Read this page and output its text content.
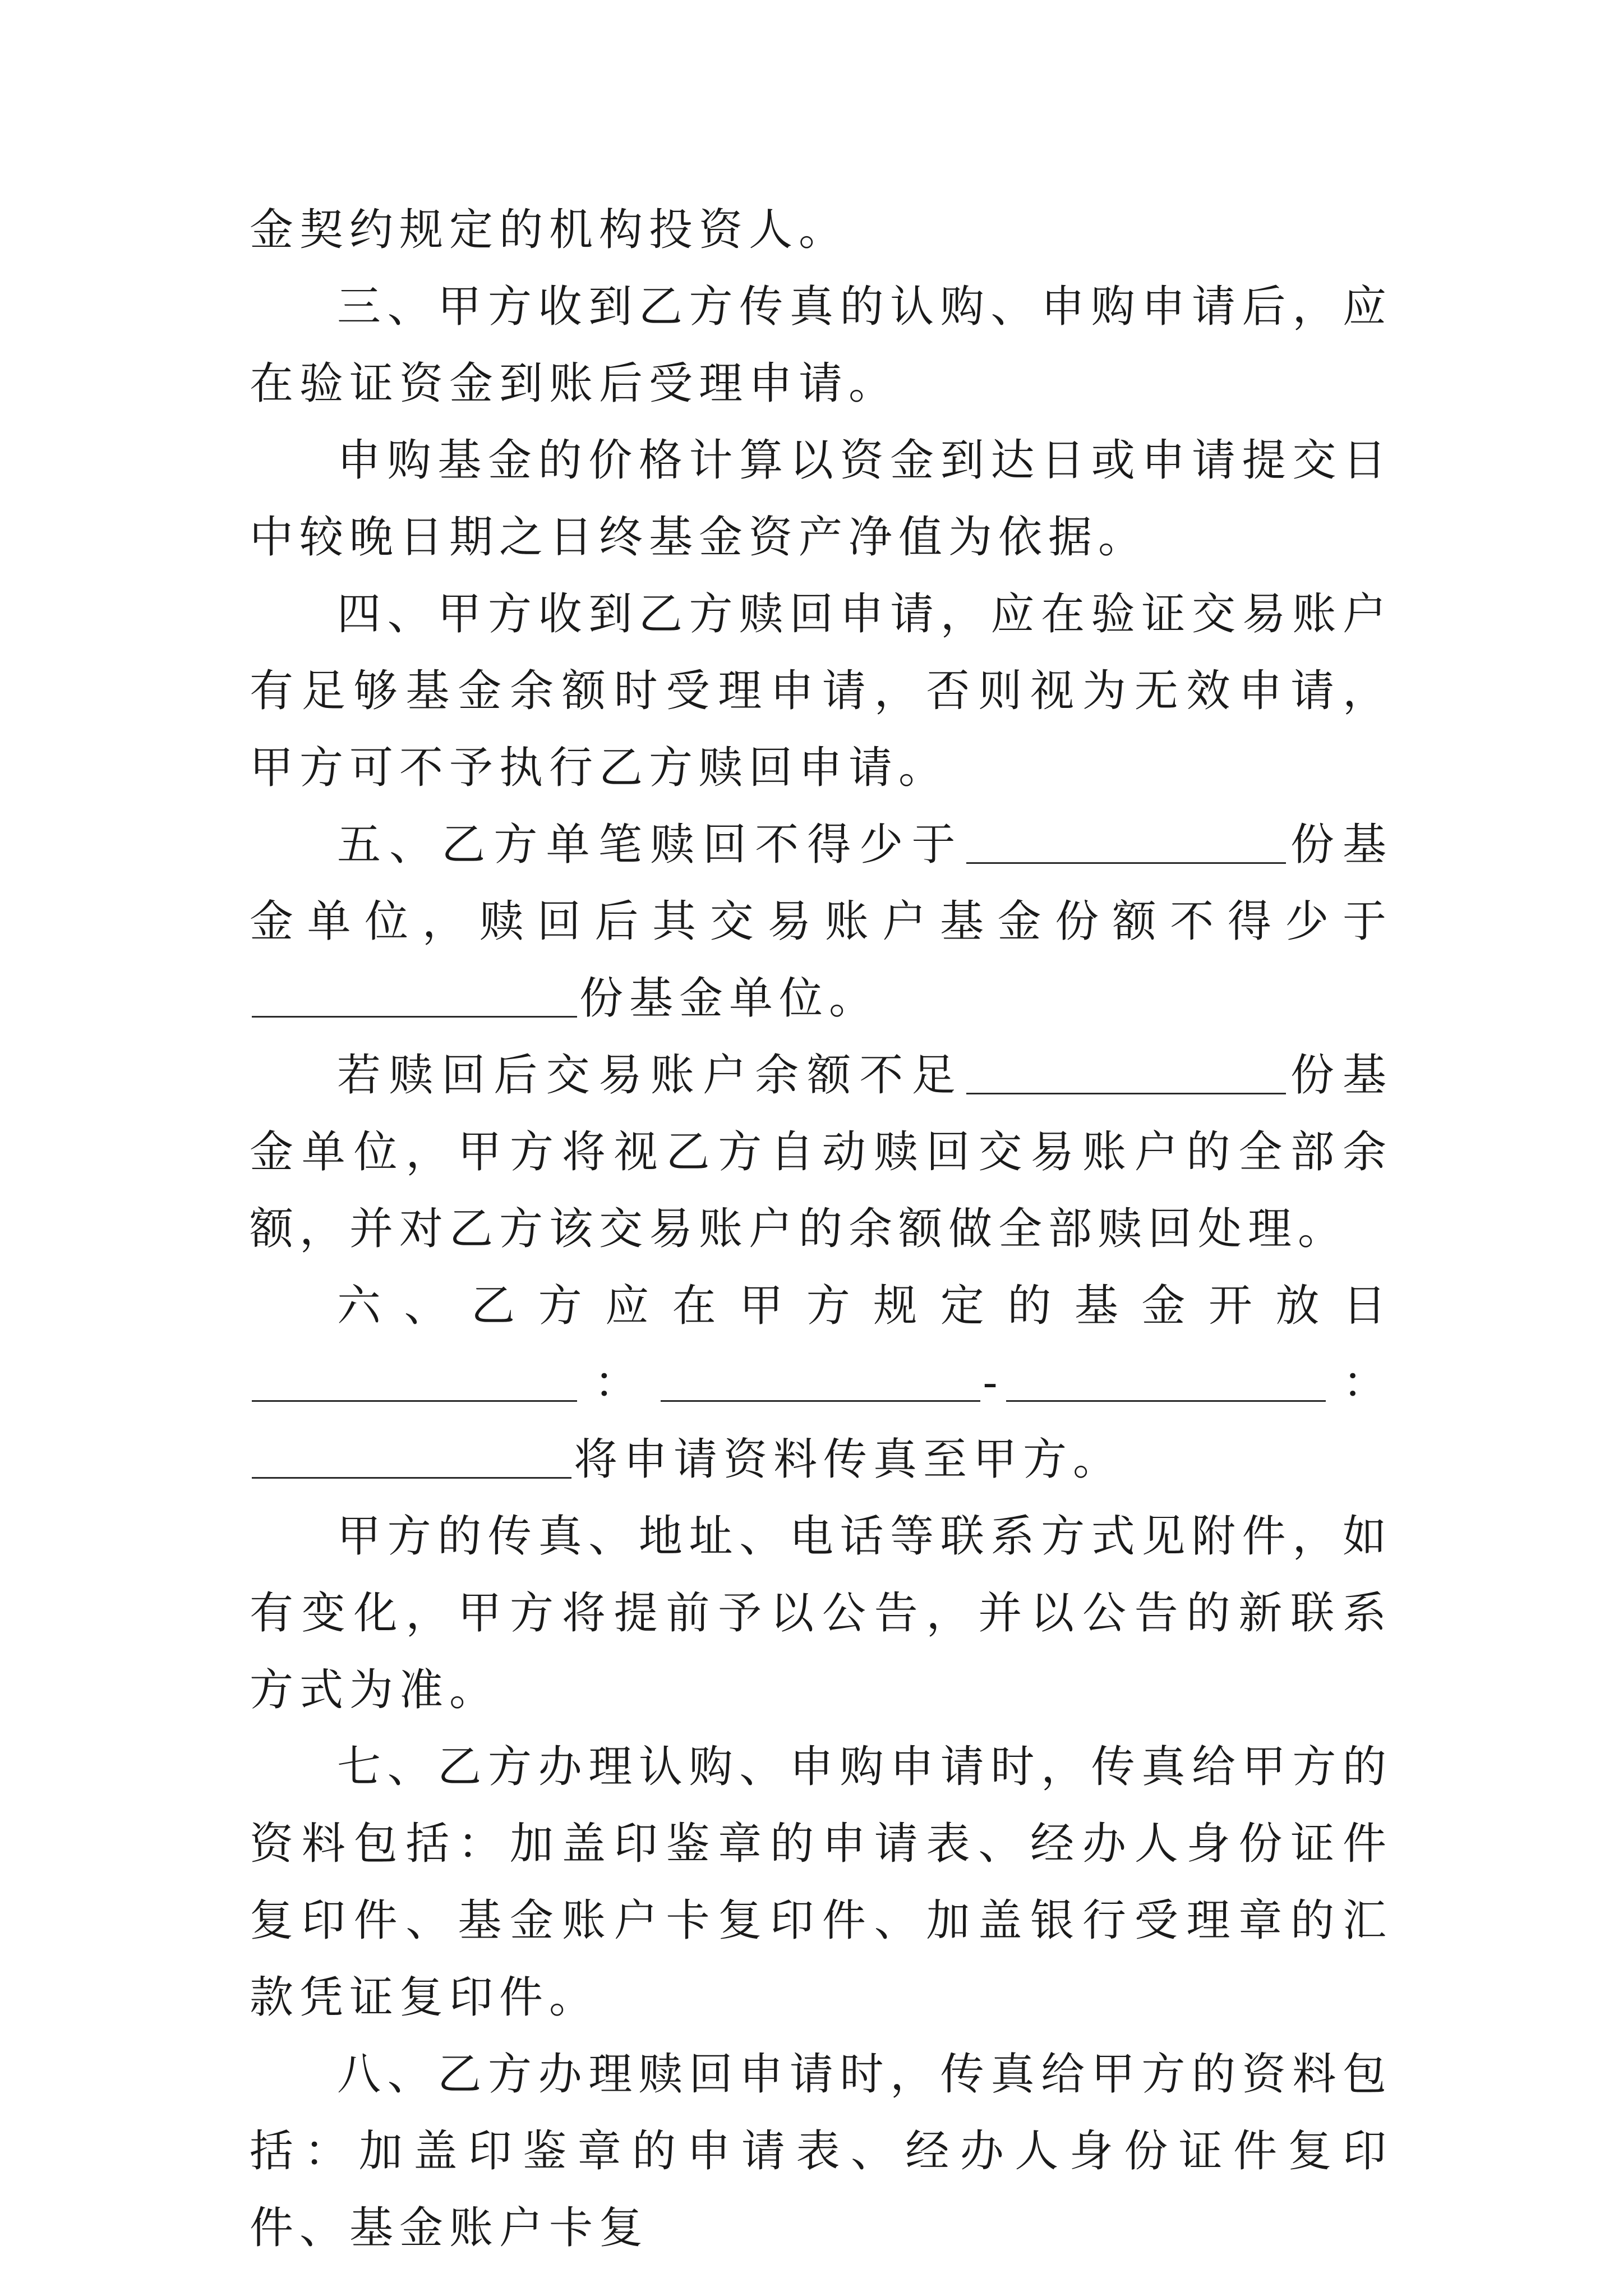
金契约规定的机构投资人。

三、甲方收到乙方传真的认购、申购申请后，应在验证资金到账后受理申请。

申购基金的价格计算以资金到达日或申请提交日中较晚日期之日终基金资产净值为依据。

四、甲方收到乙方赎回申请，应在验证交易账户有足够基金余额时受理申请，否则视为无效申请，甲方可不予执行乙方赎回申请。

五、乙方单笔赎回不得少于	份基金单位，赎回后其交易账户基金份额不得少于份基金单位。

若赎回后交易账户余额不足	份基金单位，甲方将视乙方自动赎回交易账户的全部余额，并对乙方该交易账户的余额做全部赎回处理。

六、乙方应在甲方规定的基金开放日：	-	：将申请资料传真至甲方。

甲方的传真、地址、电话等联系方式见附件，如有变化，甲方将提前予以公告，并以公告的新联系方式为准。

七、乙方办理认购、申购申请时，传真给甲方的资料包括：加盖印鉴章的申请表、经办人身份证件复印件、基金账户卡复印件、加盖银行受理章的汇款凭证复印件。

八、乙方办理赎回申请时，传真给甲方的资料包括：加盖印鉴章的申请表、经办人身份证件复印件、基金账户卡复
